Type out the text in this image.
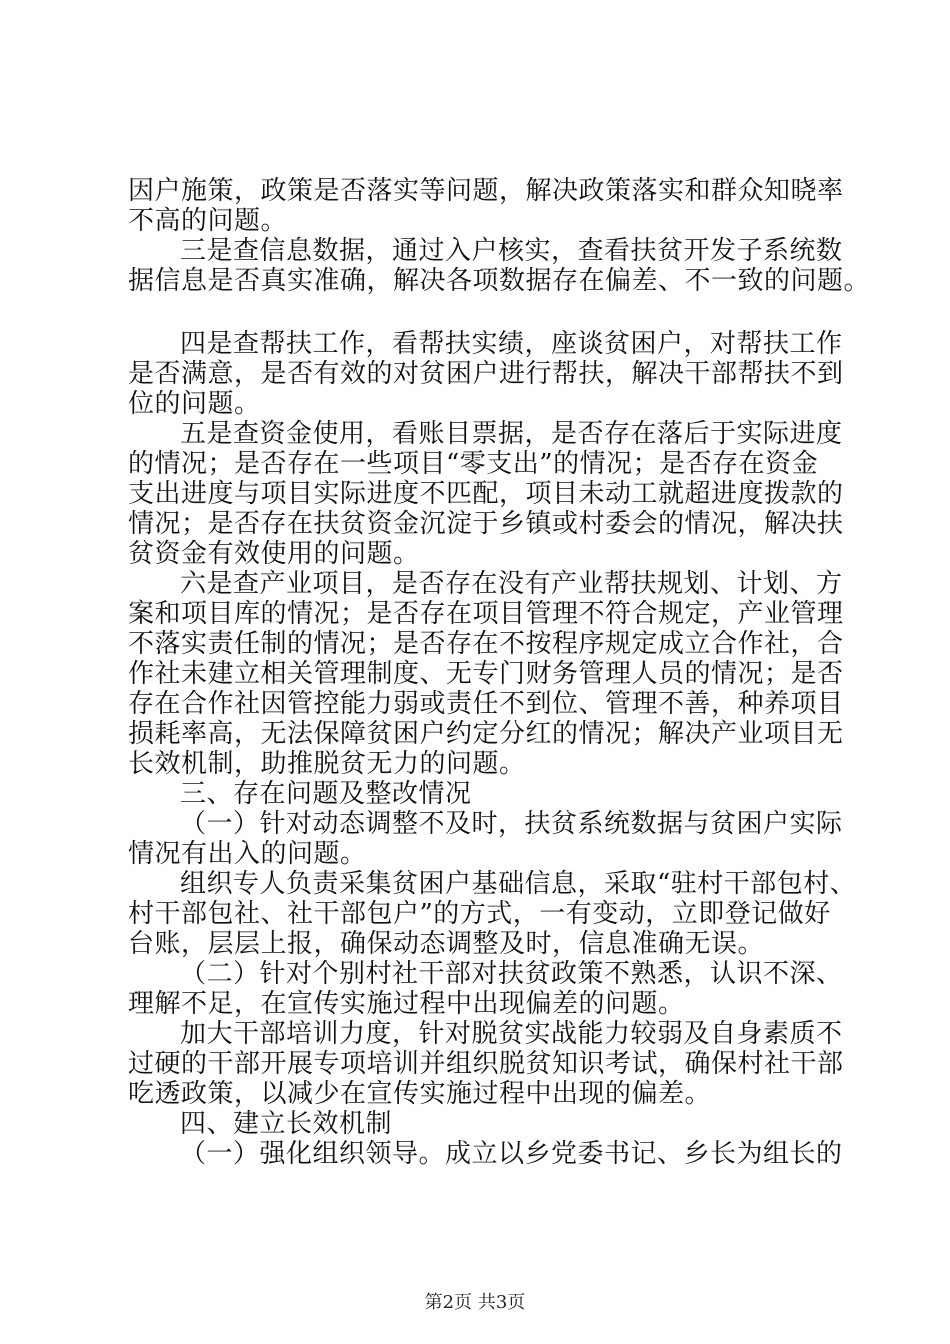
因户施策，政策是否落实等问题，解决政策落实和群众知晓率
不高的问题。
三是查信息数据，通过入户核实，查看扶贫开发子系统数
据信息是否真实准确，解决各项数据存在偏差、不一致的问题。
四是查帮扶工作，看帮扶实绩，座谈贫困户，对帮扶工作
是否满意，是否有效的对贫困户进行帮扶，解决干部帮扶不到
位的问题。
五是查资金使用，看账目票据，是否存在落后于实际进度
的情况；是否存在一些项目“零支出”的情况；是否存在资金
支出进度与项目实际进度不匹配，项目未动工就超进度拨款的
情况；是否存在扶贫资金沉淀于乡镇或村委会的情况，解决扶
贫资金有效使用的问题。
六是查产业项目，是否存在没有产业帮扶规划、计划、方
案和项目库的情况；是否存在项目管理不符合规定，产业管理
不落实责任制的情况；是否存在不按程序规定成立合作社，合
作社未建立相关管理制度、无专门财务管理人员的情况；是否
存在合作社因管控能力弱或责任不到位、管理不善，种养项目
损耗率高，无法保障贫困户约定分红的情况；解决产业项目无
长效机制，助推脱贫无力的问题。
三、存在问题及整改情况
（一）针对动态调整不及时，扶贫系统数据与贫困户实际
情况有出入的问题。
组织专人负责采集贫困户基础信息，采取“驻村干部包村、
村干部包社、社干部包户”的方式，一有变动，立即登记做好
台账，层层上报，确保动态调整及时，信息准确无误。
（二）针对个别村社干部对扶贫政策不熟悉，认识不深、
理解不足，在宣传实施过程中出现偏差的问题。
加大干部培训力度，针对脱贫实战能力较弱及自身素质不
过硬的干部开展专项培训并组织脱贫知识考试，确保村社干部
吃透政策，以减少在宣传实施过程中出现的偏差。
四、建立长效机制
（一）强化组织领导。成立以乡党委书记、乡长为组长的
第2页 共3页
